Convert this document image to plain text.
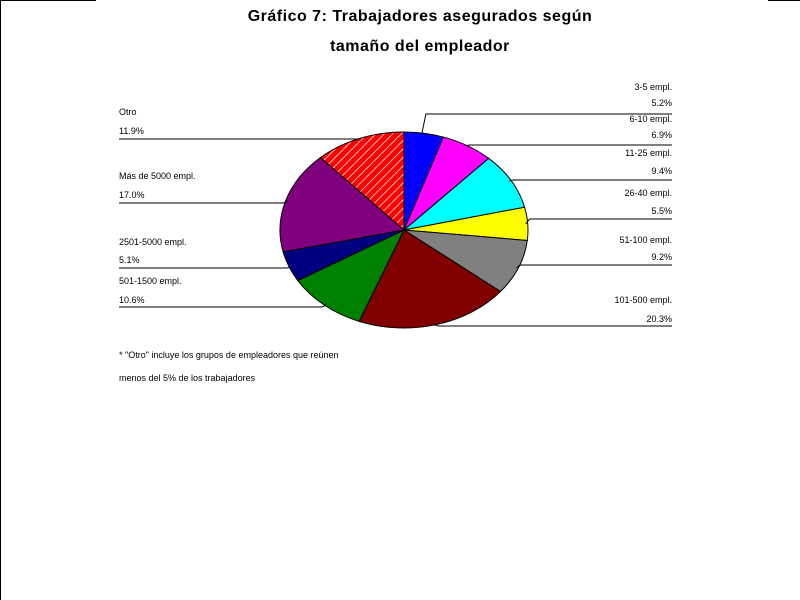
Gráfico 7: Trabajadores asegurados según
tamaño del empleador
3-5 empl.
5.2%
6-10 empl.
6.9%
11-25 empl.
9.4%
26-40 empl.
5.5%
51-100 empl.
9.2%
101-500 empl.
20.3%
501-1500 empl.
10.6%
2501-5000 empl.
5.1%
Más de 5000 empl.
17.0%
Otro
11.9%
* "Otro" incluye los grupos de empleadores que reúnen
menos del 5% de los trabajadores
